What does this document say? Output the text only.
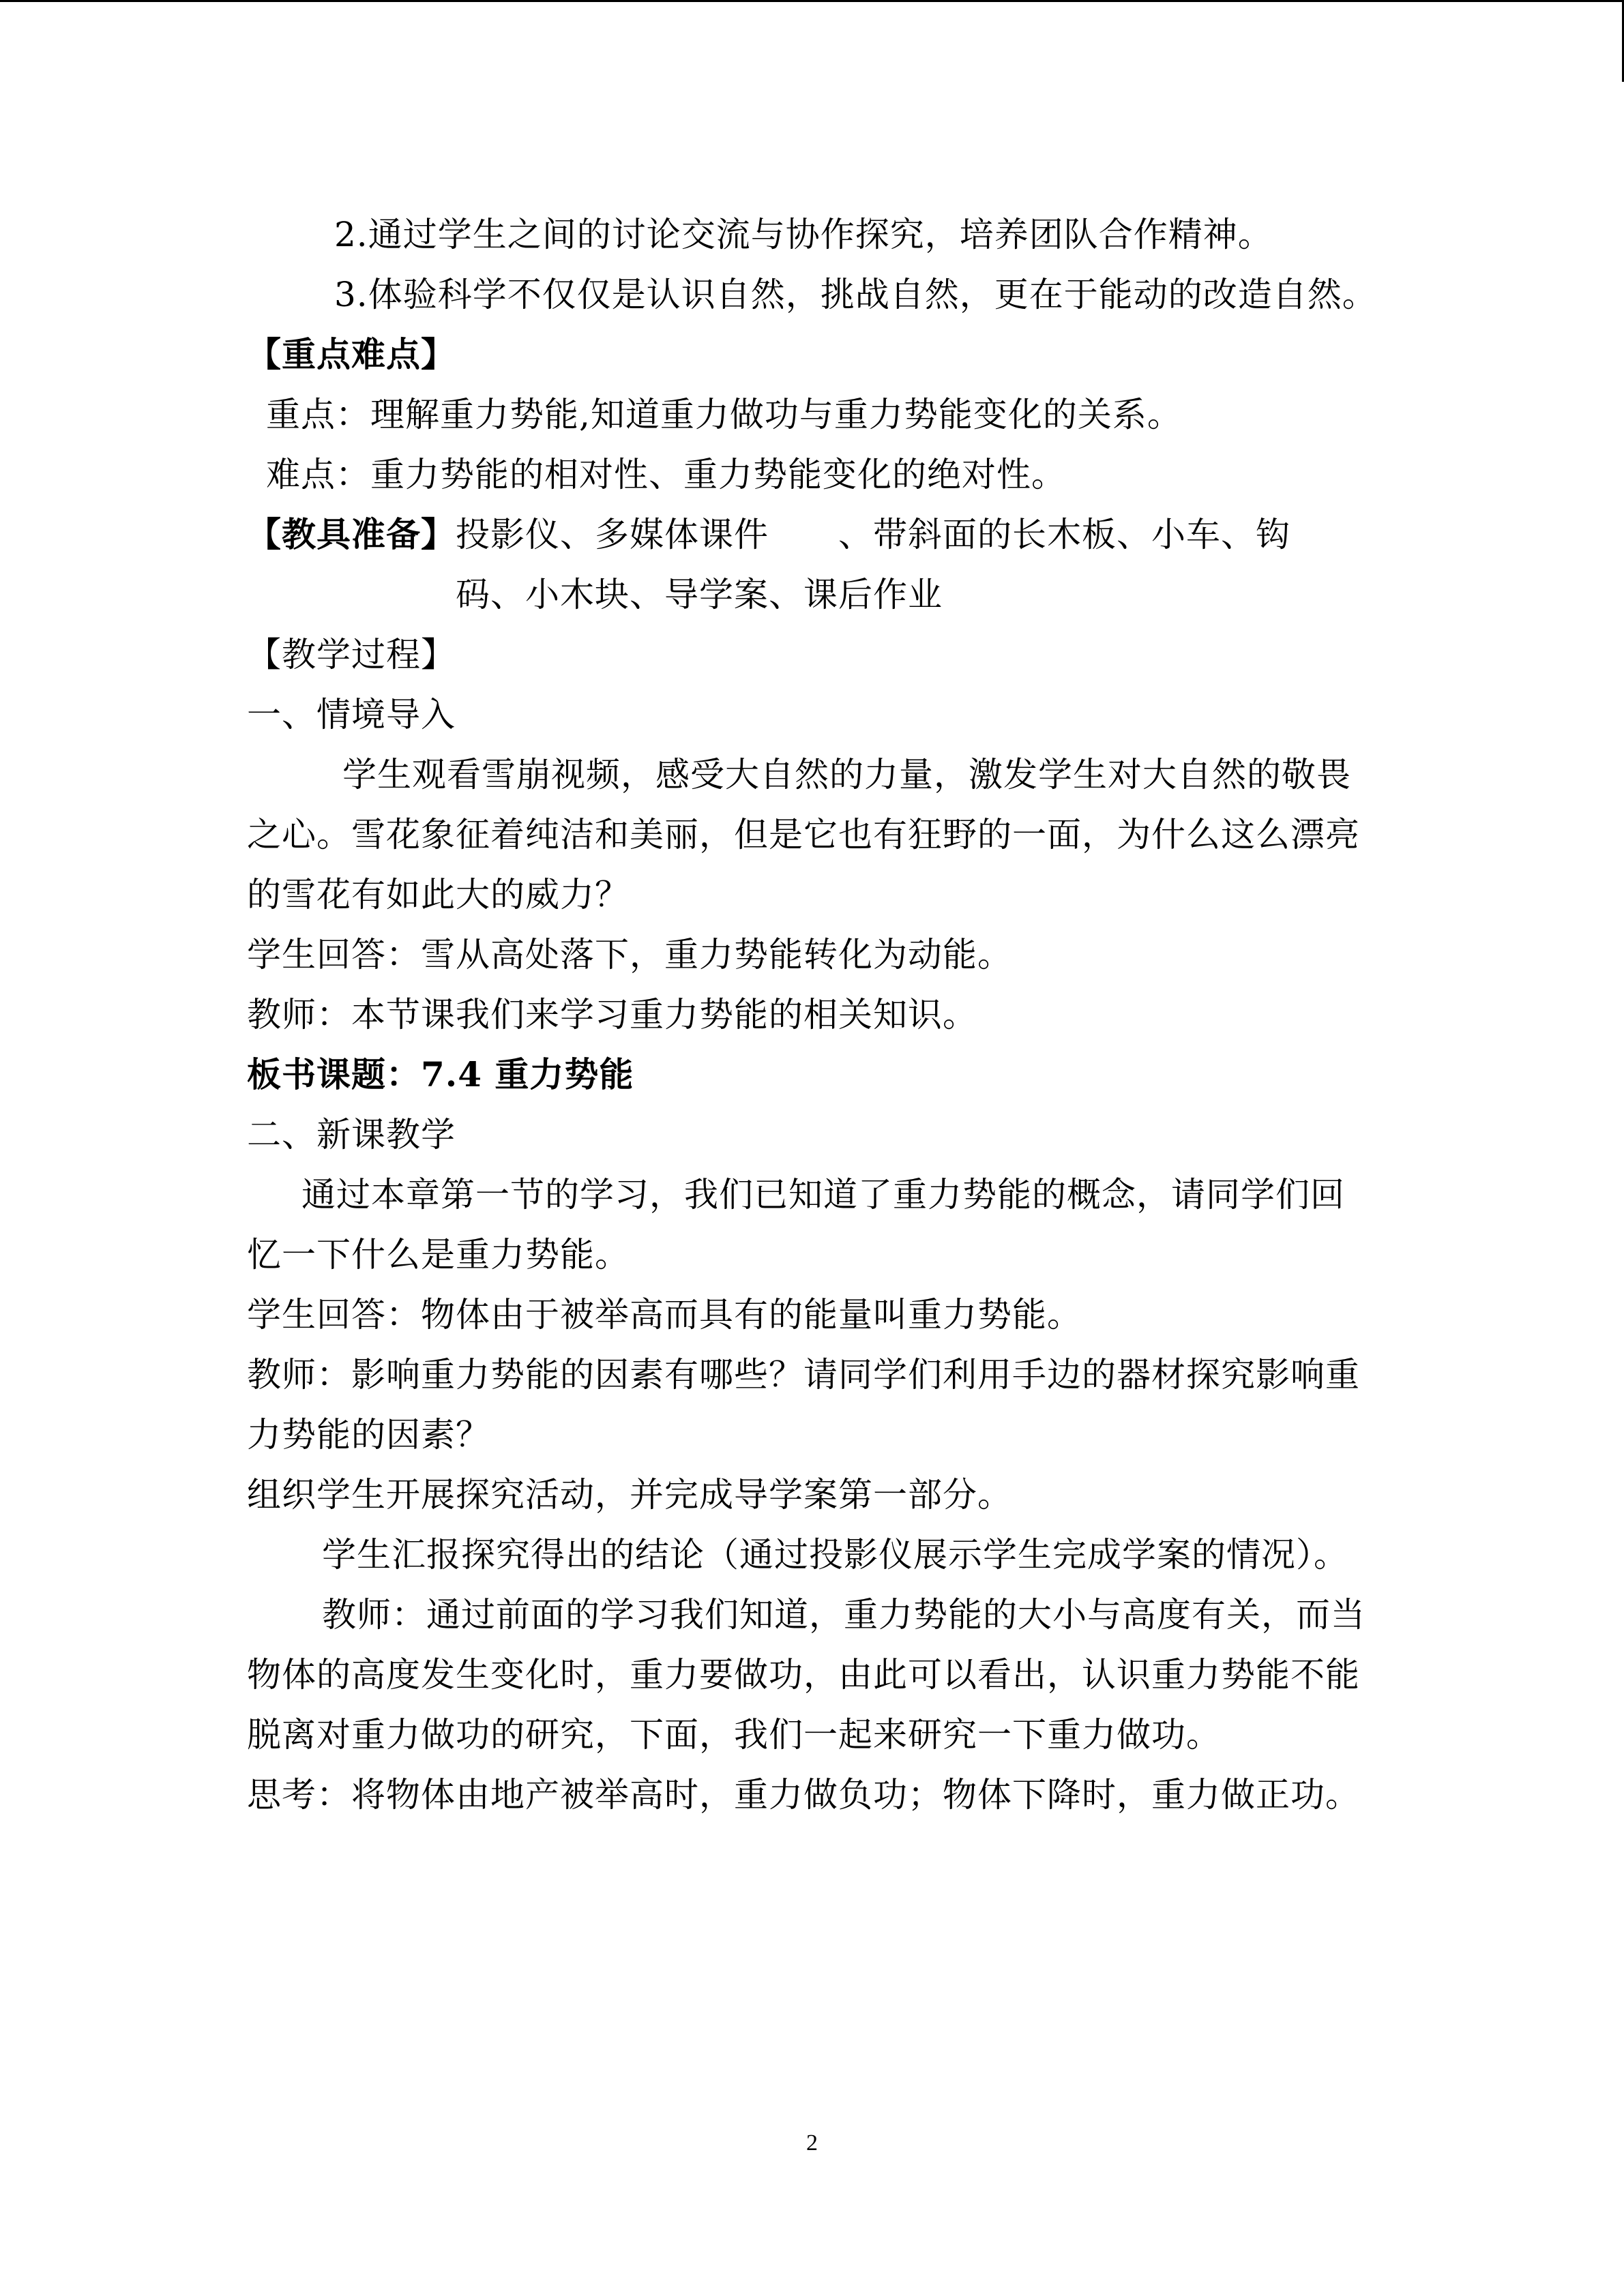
2.通过学生之间的讨论交流与协作探究，培养团队合作精神。
3.体验科学不仅仅是认识自然，挑战自然，更在于能动的改造自然。
【重点难点】
重点：理解重力势能,知道重力做功与重力势能变化的关系。
难点：重力势能的相对性、重力势能变化的绝对性。
【教具准备】 投影仪、多媒体课件　　、带斜面的长木板、小车、钩
码、小木块、导学案、课后作业
【教学过程】
一、情境导入
学生观看雪崩视频，感受大自然的力量，激发学生对大自然的敬畏之心。雪花象征着纯洁和美丽，但是它也有狂野的一面，为什么这么漂亮的雪花有如此大的威力？
学生回答：雪从高处落下，重力势能转化为动能。
教师：本节课我们来学习重力势能的相关知识。
板书课题：7.4 重力势能
二、新课教学
通过本章第一节的学习，我们已知道了重力势能的概念，请同学们回忆一下什么是重力势能。
学生回答：物体由于被举高而具有的能量叫重力势能。
教师：影响重力势能的因素有哪些？请同学们利用手边的器材探究影响重力势能的因素？
组织学生开展探究活动，并完成导学案第一部分。
学生汇报探究得出的结论（通过投影仪展示学生完成学案的情况）。
教师：通过前面的学习我们知道，重力势能的大小与高度有关，而当物体的高度发生变化时，重力要做功，由此可以看出，认识重力势能不能脱离对重力做功的研究，下面，我们一起来研究一下重力做功。
思考：将物体由地产被举高时，重力做负功；物体下降时，重力做正功。
2
